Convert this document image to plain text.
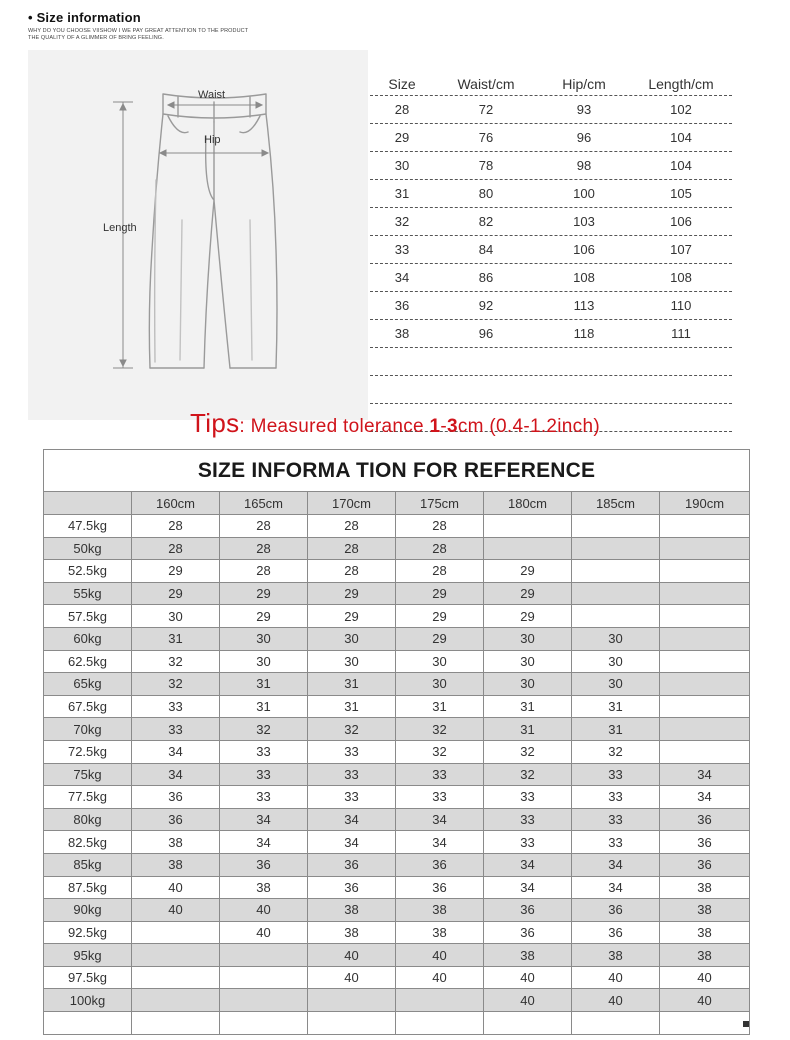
• Size information
WHY DO YOU CHOOSE VIISHOW I WE PAY GREAT ATTENTION TO THE PRODUCT
THE QUALITY OF A GLIMMER OF BRING FEELING.
Waist
Hip
Length
Size	Waist/cm	Hip/cm	Length/cm
28	72	93	102
29	76	96	104
30	78	98	104
31	80	100	105
32	82	103	106
33	84	106	107
34	86	108	108
36	92	113	110
38	96	118	111
Tips: Measured tolerance 1-3cm (0.4-1.2inch)
SIZE INFORMA TION FOR REFERENCE							
	160cm	165cm	170cm	175cm	180cm	185cm	190cm
47.5kg	28	28	28	28			
50kg	28	28	28	28			
52.5kg	29	28	28	28	29		
55kg	29	29	29	29	29		
57.5kg	30	29	29	29	29		
60kg	31	30	30	29	30	30	
62.5kg	32	30	30	30	30	30	
65kg	32	31	31	30	30	30	
67.5kg	33	31	31	31	31	31	
70kg	33	32	32	32	31	31	
72.5kg	34	33	33	32	32	32	
75kg	34	33	33	33	32	33	34
77.5kg	36	33	33	33	33	33	34
80kg	36	34	34	34	33	33	36
82.5kg	38	34	34	34	33	33	36
85kg	38	36	36	36	34	34	36
87.5kg	40	38	36	36	34	34	38
90kg	40	40	38	38	36	36	38
92.5kg		40	38	38	36	36	38
95kg			40	40	38	38	38
97.5kg			40	40	40	40	40
100kg					40	40	40
